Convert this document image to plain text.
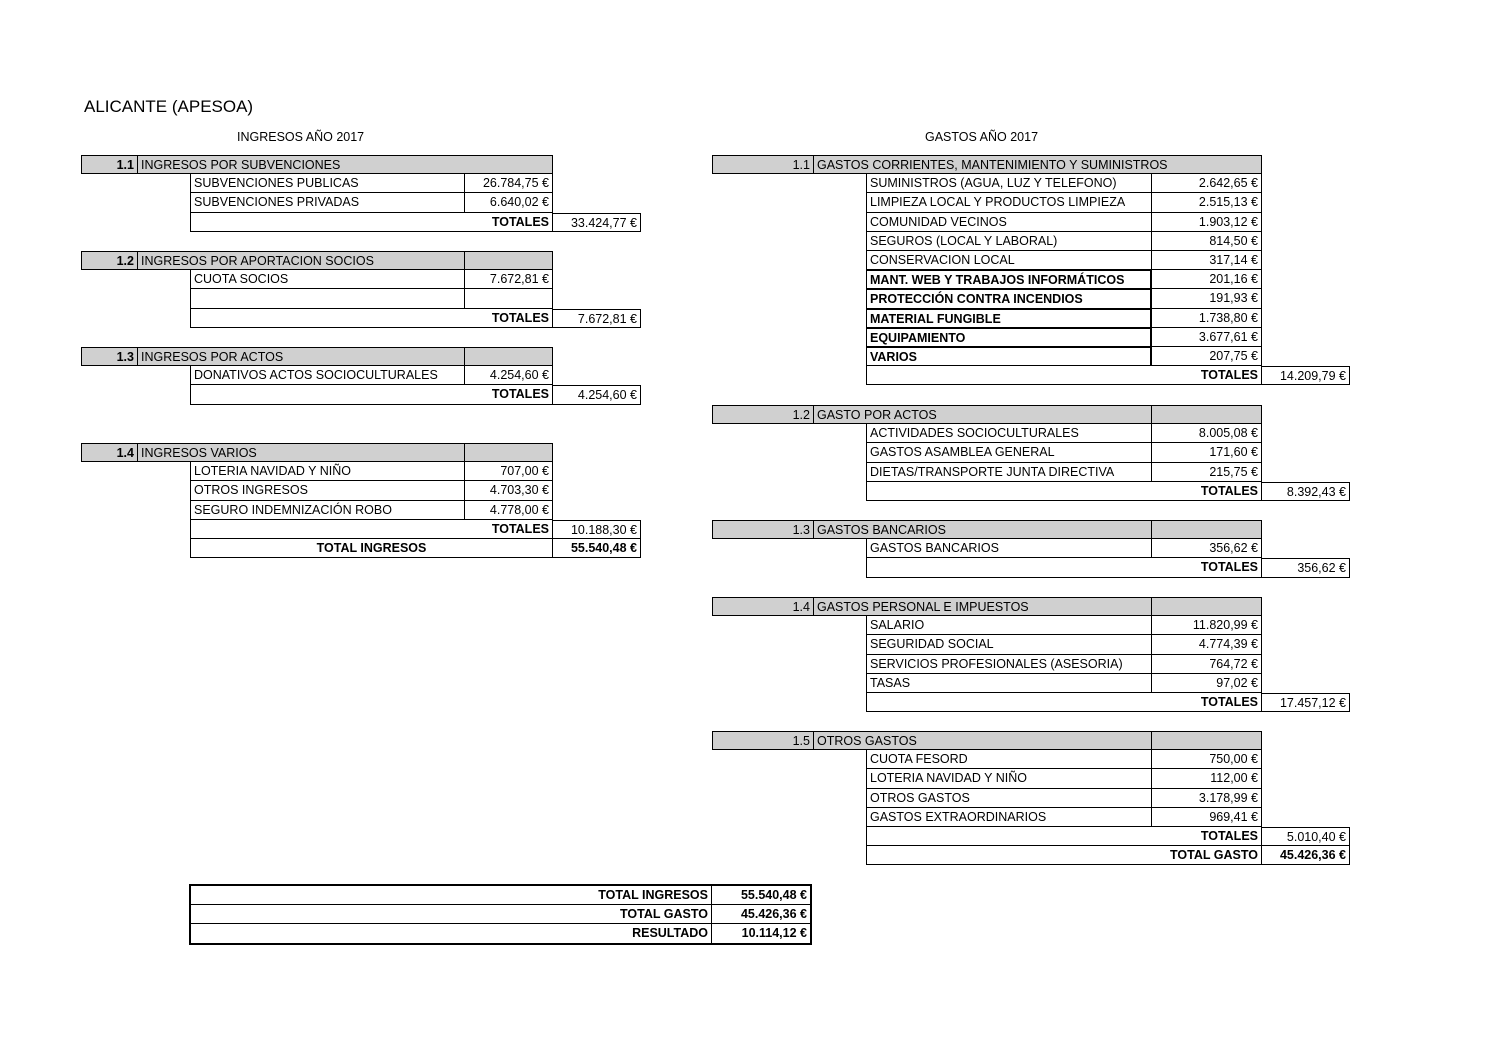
ALICANTE (APESOA)
INGRESOS AÑO 2017	GASTOS AÑO 2017
1.1 INGRESOS POR SUBVENCIONES
SUBVENCIONES PUBLICAS	26.784,75 €
SUBVENCIONES PRIVADAS	6.640,02 €
TOTALES	33.424,77 €
1.2 INGRESOS POR APORTACION SOCIOS
CUOTA SOCIOS	7.672,81 €
TOTALES	7.672,81 €
1.3 INGRESOS POR ACTOS
DONATIVOS ACTOS SOCIOCULTURALES	4.254,60 €
TOTALES	4.254,60 €
1.4 INGRESOS VARIOS
LOTERIA NAVIDAD Y NIÑO	707,00 €
OTROS INGRESOS	4.703,30 €
SEGURO INDEMNIZACIÓN ROBO	4.778,00 €
TOTALES	10.188,30 €
TOTAL INGRESOS	55.540,48 €
1.1 GASTOS CORRIENTES, MANTENIMIENTO Y SUMINISTROS
SUMINISTROS (AGUA, LUZ Y TELEFONO)	2.642,65 €
LIMPIEZA LOCAL Y PRODUCTOS LIMPIEZA	2.515,13 €
COMUNIDAD VECINOS	1.903,12 €
SEGUROS (LOCAL Y LABORAL)	814,50 €
CONSERVACION LOCAL	317,14 €
MANT. WEB Y TRABAJOS INFORMÁTICOS	201,16 €
PROTECCIÓN CONTRA INCENDIOS	191,93 €
MATERIAL FUNGIBLE	1.738,80 €
EQUIPAMIENTO	3.677,61 €
VARIOS	207,75 €
TOTALES	14.209,79 €
1.2 GASTO POR ACTOS
ACTIVIDADES SOCIOCULTURALES	8.005,08 €
GASTOS ASAMBLEA GENERAL	171,60 €
DIETAS/TRANSPORTE JUNTA DIRECTIVA	215,75 €
TOTALES	8.392,43 €
1.3 GASTOS BANCARIOS
GASTOS BANCARIOS	356,62 €
TOTALES	356,62 €
1.4 GASTOS PERSONAL E IMPUESTOS
SALARIO	11.820,99 €
SEGURIDAD SOCIAL	4.774,39 €
SERVICIOS PROFESIONALES (ASESORIA)	764,72 €
TASAS	97,02 €
TOTALES	17.457,12 €
1.5 OTROS GASTOS
CUOTA FESORD	750,00 €
LOTERIA NAVIDAD Y NIÑO	112,00 €
OTROS GASTOS	3.178,99 €
GASTOS EXTRAORDINARIOS	969,41 €
TOTALES	5.010,40 €
TOTAL GASTO	45.426,36 €
TOTAL INGRESOS	55.540,48 €
TOTAL GASTO	45.426,36 €
RESULTADO	10.114,12 €
